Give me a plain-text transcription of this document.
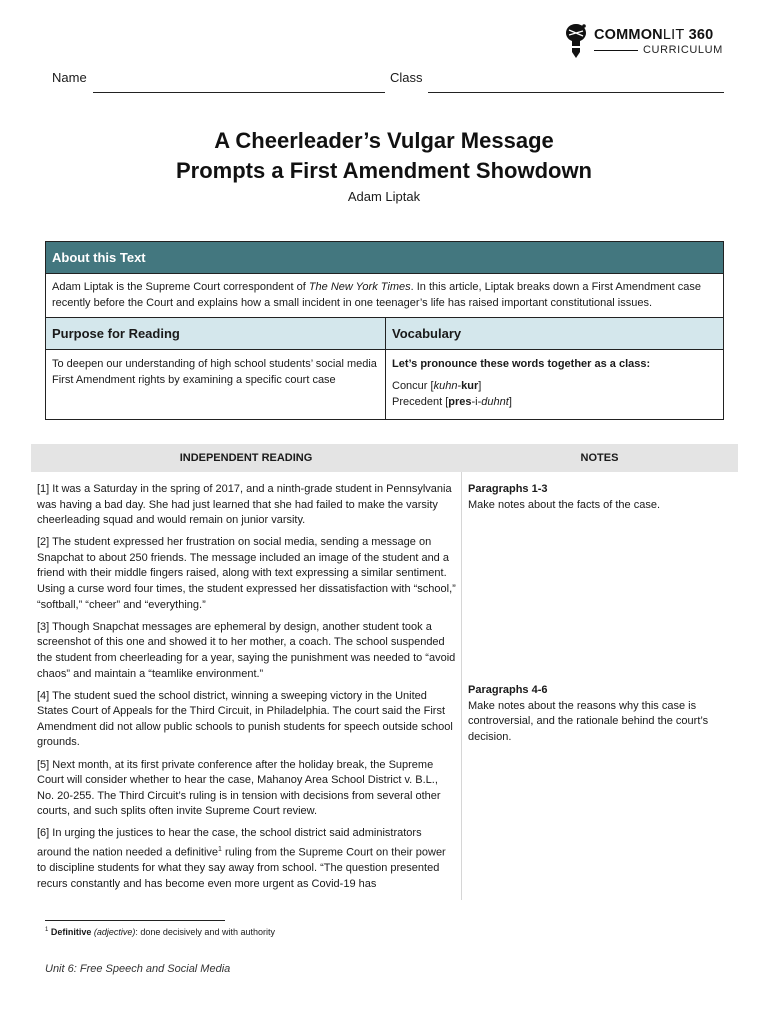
COMMONLIT 360
CURRICULUM
Name	Class
A Cheerleader’s Vulgar Message
Prompts a First Amendment Showdown
Adam Liptak
About this Text
Adam Liptak is the Supreme Court correspondent of The New York Times. In this article, Liptak breaks down a First Amendment case recently before the Court and explains how a small incident in one teenager’s life has raised important constitutional issues.
Purpose for Reading
To deepen our understanding of high school students’ social media First Amendment rights by examining a specific court case
Vocabulary
Let’s pronounce these words together as a class:
Concur [kuhn-kur]
Precedent [pres-i-duhnt]
INDEPENDENT READING	NOTES

[1] It was a Saturday in the spring of 2017, and a ninth-grade student in Pennsylvania was having a bad day. She had just learned that she had failed to make the varsity cheerleading squad and would remain on junior varsity.

[2] The student expressed her frustration on social media, sending a message on Snapchat to about 250 friends. The message included an image of the student and a friend with their middle fingers raised, along with text expressing a similar sentiment. Using a curse word four times, the student expressed her dissatisfaction with “school,” “softball,” “cheer” and “everything.”

[3] Though Snapchat messages are ephemeral by design, another student took a screenshot of this one and showed it to her mother, a coach. The school suspended the student from cheerleading for a year, saying the punishment was needed to “avoid chaos” and maintain a “teamlike environment.”

[4] The student sued the school district, winning a sweeping victory in the United States Court of Appeals for the Third Circuit, in Philadelphia. The court said the First Amendment did not allow public schools to punish students for speech outside school grounds.

[5] Next month, at its first private conference after the holiday break, the Supreme Court will consider whether to hear the case, Mahanoy Area School District v. B.L., No. 20-255. The Third Circuit’s ruling is in tension with decisions from several other courts, and such splits often invite Supreme Court review.

[6] In urging the justices to hear the case, the school district said administrators around the nation needed a definitive$^1$ ruling from the Supreme Court on their power to discipline students for what they say away from school. “The question presented recurs constantly and has become even more urgent as Covid-19 has

Paragraphs 1-3
Make notes about the facts of the case.
Paragraphs 4-6
Make notes about the reasons why this case is controversial, and the rationale behind the court’s decision.
$^1$ Definitive (adjective): done decisively and with authority
Unit 6: Free Speech and Social Media
